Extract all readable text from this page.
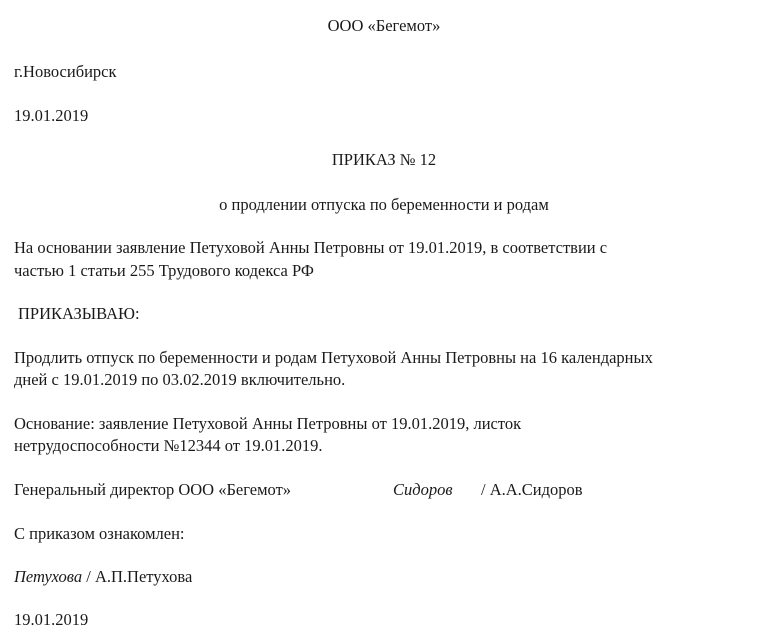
ООО «Бегемот»
г.Новосибирск
19.01.2019
ПРИКАЗ № 12
о продлении отпуска по беременности и родам
На основании заявление Петуховой Анны Петровны от 19.01.2019, в соответствии с
частью 1 статьи 255 Трудового кодекса РФ
ПРИКАЗЫВАЮ:
Продлить отпуск по беременности и родам Петуховой Анны Петровны на 16 календарных
дней с 19.01.2019 по 03.02.2019 включительно.
Основание: заявление Петуховой Анны Петровны от 19.01.2019, листок
нетрудоспособности №12344 от 19.01.2019.
Генеральный директор ООО «Бегемот»	Сидоров / А.А.Сидоров
С приказом ознакомлен:
Петухова / А.П.Петухова
19.01.2019
